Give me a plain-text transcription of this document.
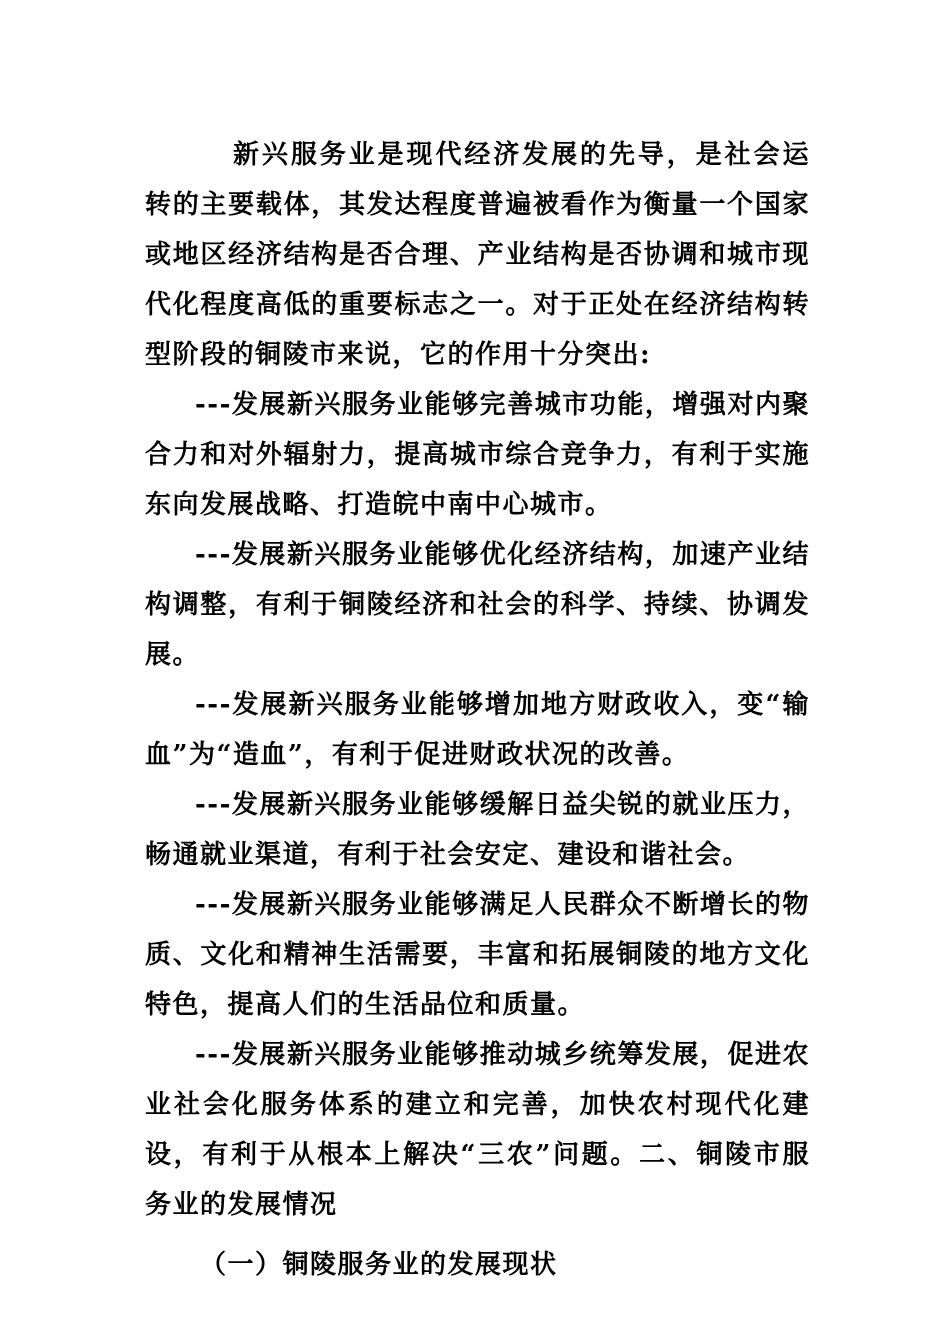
新兴服务业是现代经济发展的先导，是社会运转的主要载体，其发达程度普遍被看作为衡量一个国家或地区经济结构是否合理、产业结构是否协调和城市现代化程度高低的重要标志之一。对于正处在经济结构转型阶段的铜陵市来说，它的作用十分突出:

---发展新兴服务业能够完善城市功能，增强对内聚合力和对外辐射力，提高城市综合竞争力，有利于实施东向发展战略、打造皖中南中心城市。

---发展新兴服务业能够优化经济结构，加速产业结构调整，有利于铜陵经济和社会的科学、持续、协调发展。

---发展新兴服务业能够增加地方财政收入，变“输血”为“造血”，有利于促进财政状况的改善。

---发展新兴服务业能够缓解日益尖锐的就业压力，畅通就业渠道，有利于社会安定、建设和谐社会。

---发展新兴服务业能够满足人民群众不断增长的物质、文化和精神生活需要，丰富和拓展铜陵的地方文化特色，提高人们的生活品位和质量。

---发展新兴服务业能够推动城乡统筹发展，促进农业社会化服务体系的建立和完善，加快农村现代化建设，有利于从根本上解决“三农”问题。二、铜陵市服务业的发展情况

（一）铜陵服务业的发展现状
